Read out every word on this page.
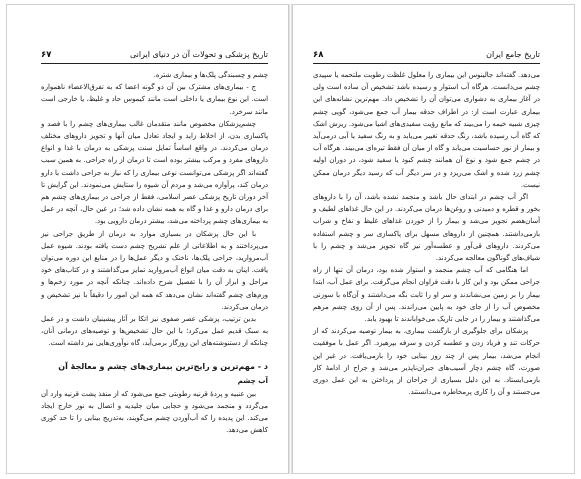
۶۷	تاریخ پزشکی و تحولات آن در دنیای ایرانی

چشم و چسبندگی پلک‌ها و بیماری شتره.

ج - بیماری‌های مشترک بین آن دو گونه اعضا که به تفرق‌الاعضاء ناهمواره است. این نوع بیماری یا داخلی است مانند کیموس حاد و غلیظ، یا خارجی است مانند سرخرد.

چشم‌پزشکان مخصوص مانند متقدمان غالب بیماری‌های چشم را با فصد و پاکسازی بدن، از اخلاط زاید و ایجاد تعادل میان آنها و تجویز داروهای مختلف درمان می‌کردند. در واقع اساساً تمایل سنت پزشکی به درمان با غذا و انواع داروهای مفرد و مرکب بیشتر بوده است تا درمان از راه جراحی. به همین سبب گفته‌اند اگر پزشکی می‌توانست نوعی بیماری را که نیاز به جراحی داشت با دارو درمان کند، پرآوازه می‌شد و مردم آن شیوه را ستایش می‌نمودند. این گرایش تا آخر دوران تاریخ پزشکی عصر اسلامی، فقط از جراحی در بیماری‌های چشم هم برای درمان دارو و غذا و گاه به همه نشان داده شد؛ در عین حال، آنچه در عمل به بیماری‌های چشم پرداخته می‌شد، بیشتر درمان دارویی بود.

با این حال پزشکان در بسیاری موارد به درمان از طریق جراحی نیز می‌پرداختند و به اطلاعاتی از علم تشریح چشم دست یافته بودند. شیوه عمل آب‌مروارید، جراحی پلک‌ها، ناخنک و دیگر عمل‌ها را در منابع این دوره می‌توان یافت. اینان به دقت میان انواع آب‌مروارید تمایز می‌گذاشتند و در کتاب‌های خود مراحل و ابزار آن را با تفصیل شرح داده‌اند. چنانکه آنچه در مورد زخم‌ها و ورم‌های چشم گفته‌اند نشان می‌دهد که همه این امور را دقیقاً با نیز تشخیص و درمان می‌کردند.

بدین ترتیب، پزشکی عصر صفوی نیز اتکا بر آثار پیشینیان داشت و در عمل به سبک قدیم عمل می‌کرد؛ با این حال تشخیص‌ها و توصیه‌های درمانی آنان، چنانکه از دستنوشته‌های این روزگار برمی‌آید، گاه نوآوری‌هایی نیز داشته است.

د - مهم‌ترین و رایج‌ترین بیماری‌های چشم و معالجهٔ آن
آب چشم

بین عنبیه و پردهٔ قرنیه رطوبتی جمع می‌شود که از منفذ پشت قرنیه وارد آن می‌گردد و منجمد می‌شود و حجابی میان جلیدیه و اتصال به نور خارج ایجاد می‌کند. این پدیده را که آب‌آوردن چشم می‌گویند، به‌تدریج بینایی را تا حد کوری کاهش می‌دهد.

۶۸	تاریخ جامع ایران

می‌دهد. گفته‌اند جالینوس این بیماری را معلول غلظت رطوبت ملتحمه یا سپیدی چشم می‌دانست. هرگاه آب استوار و رسیده باشد تشخیص آن ساده است ولی در آغاز بیماری به دشواری می‌توان آن را تشخیص داد. مهم‌ترین نشانه‌های این بیماری عبارت است از: در اطراف حدقه بیمار آب جمع می‌شود، گویی چشم چیزی شبیه خیمه را می‌بیند که مانع رؤیت سفیدی‌های اشیا می‌شود. ریزش اشک که گاه آب رسیده باشد، رنگ حدقه تغییر می‌یابد و به رنگ سفید یا آبی درمی‌آید و بیمار از نور حساسیت می‌یابد و گاه از میان آن فقط تیره‌ای می‌بیند. هرگاه آب در چشم جمع شود و نوع آن همانند چشم کبود یا سفید شود، در دوران اولیه چشم زرد شده و اشک می‌ریزد و در سر دیگر آب که رسید دیگر درمان ممکن نیست.

اگر آب چشم در ابتدای حال باشد و منجمد نشده باشد، آن را با داروهای بخور و قطره و دمیدنی و روغن‌ها درمان می‌کردند. در این حال غذاهای لطیف و آسان‌هضم تجویز می‌شد و بیمار را از خوردن غذاهای غلیظ و نفاخ و شراب بازمی‌داشتند. همچنین از داروهای مسهل برای پاکسازی سر و چشم استفاده می‌کردند. داروهای قی‌آور و عطسه‌آور نیز گاه تجویز می‌شد و چشم را با شیاف‌های گوناگون معالجه می‌کردند.

اما هنگامی که آب چشم منجمد و استوار شده بود، درمان آن تنها از راه جراحی ممکن بود و این کار با دقت فراوان انجام می‌گرفت. برای عمل آب، ابتدا بیمار را بر زمین می‌نشاندند و سر او را ثابت نگه می‌داشتند و آن‌گاه با سوزنی مخصوص آب را از جای خود به پایین می‌راندند. پس از آن روی چشم مرهم می‌گذاشتند و بیمار را در جایی تاریک می‌خواباندند تا بهبود یابد.

پزشکان برای جلوگیری از بازگشت بیماری، به بیمار توصیه می‌کردند که از حرکات تند و فریاد زدن و عطسه کردن و سرفه بپرهیزد. اگر عمل با موفقیت انجام می‌شد، بیمار پس از چند روز بینایی خود را بازمی‌یافت. در غیر این صورت، گاه چشم دچار آسیب‌های جبران‌ناپذیر می‌شد و جراح از ادامهٔ کار بازمی‌ایستاد. به این دلیل بسیاری از جراحان از پرداختن به این عمل دوری می‌جستند و آن را کاری پرمخاطره می‌دانستند.
